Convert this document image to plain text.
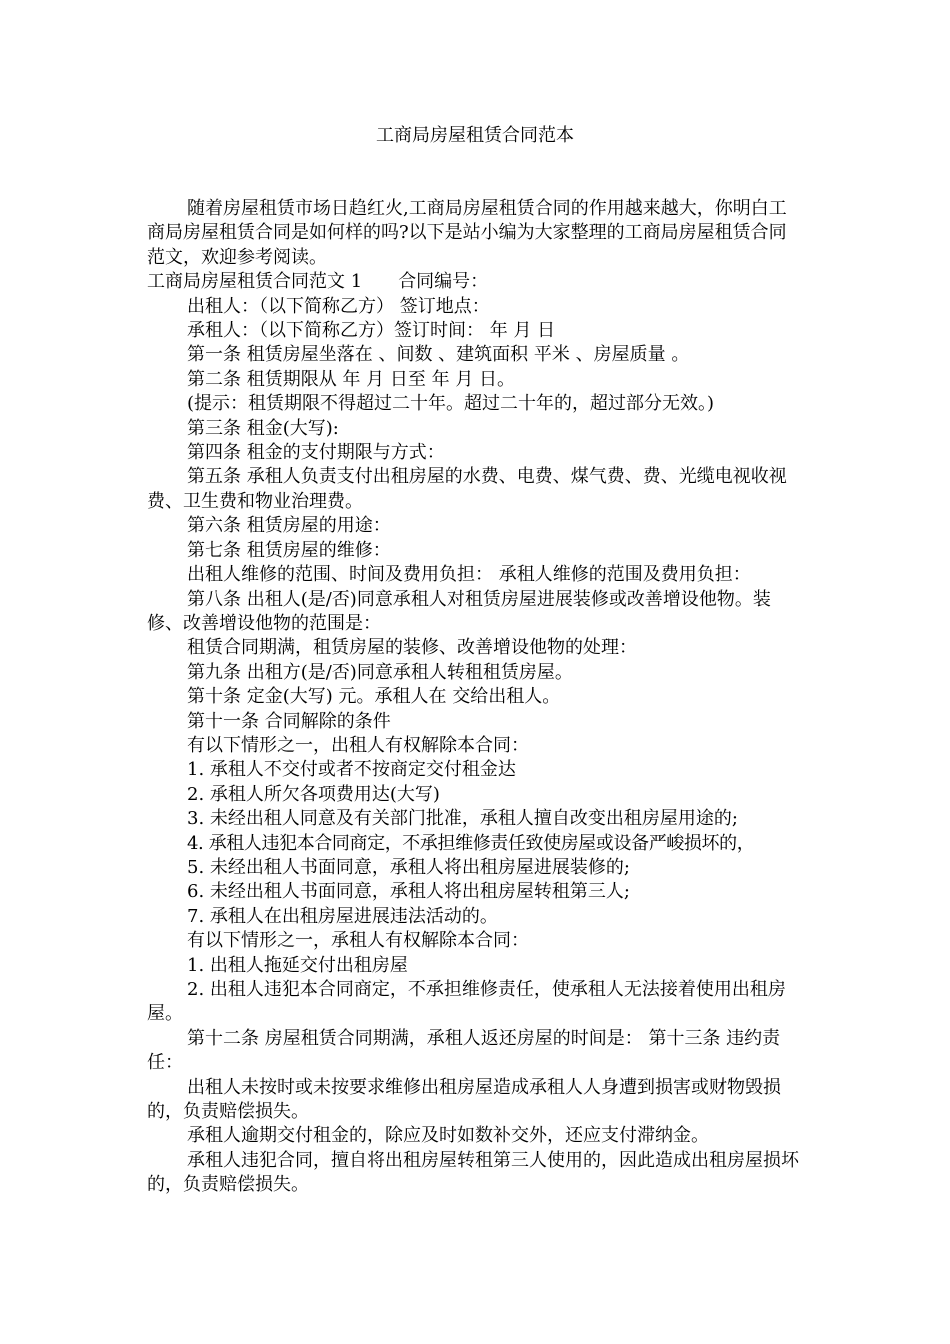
工商局房屋租赁合同范本

随着房屋租赁市场日趋红火,工商局房屋租赁合同的作用越来越大，你明白工商局房屋租赁合同是如何样的吗?以下是站小编为大家整理的工商局房屋租赁合同范文，欢迎参考阅读。

工商局房屋租赁合同范文 1 合同编号：

出租人：（以下简称乙方） 签订地点：

承租人：（以下简称乙方）签订时间： 年 月 日

第一条 租赁房屋坐落在 、间数 、建筑面积 平米 、房屋质量 。

第二条 租赁期限从 年 月 日至 年 月 日。

(提示：租赁期限不得超过二十年。超过二十年的，超过部分无效。)

第三条 租金(大写):

第四条 租金的支付期限与方式：

第五条 承租人负责支付出租房屋的水费、电费、煤气费、费、光缆电视收视费、卫生费和物业治理费。

第六条 租赁房屋的用途：

第七条 租赁房屋的维修：

出租人维修的范围、时间及费用负担： 承租人维修的范围及费用负担：

第八条 出租人(是/否)同意承租人对租赁房屋进展装修或改善增设他物。装修、改善增设他物的范围是：

租赁合同期满，租赁房屋的装修、改善增设他物的处理：

第九条 出租方(是/否)同意承租人转租租赁房屋。

第十条 定金(大写) 元。承租人在 交给出租人。

第十一条 合同解除的条件

有以下情形之一，出租人有权解除本合同：

1. 承租人不交付或者不按商定交付租金达

2. 承租人所欠各项费用达(大写)

3. 未经出租人同意及有关部门批准，承租人擅自改变出租房屋用途的;

4. 承租人违犯本合同商定，不承担维修责任致使房屋或设备严峻损坏的，

5. 未经出租人书面同意，承租人将出租房屋进展装修的;

6. 未经出租人书面同意，承租人将出租房屋转租第三人;

7. 承租人在出租房屋进展违法活动的。

有以下情形之一，承租人有权解除本合同：

1. 出租人拖延交付出租房屋

2. 出租人违犯本合同商定，不承担维修责任，使承租人无法接着使用出租房屋。

第十二条 房屋租赁合同期满，承租人返还房屋的时间是： 第十三条 违约责任：

出租人未按时或未按要求维修出租房屋造成承租人人身遭到损害或财物毁损的，负责赔偿损失。

承租人逾期交付租金的，除应及时如数补交外，还应支付滞纳金。

承租人违犯合同，擅自将出租房屋转租第三人使用的，因此造成出租房屋损坏的，负责赔偿损失。
